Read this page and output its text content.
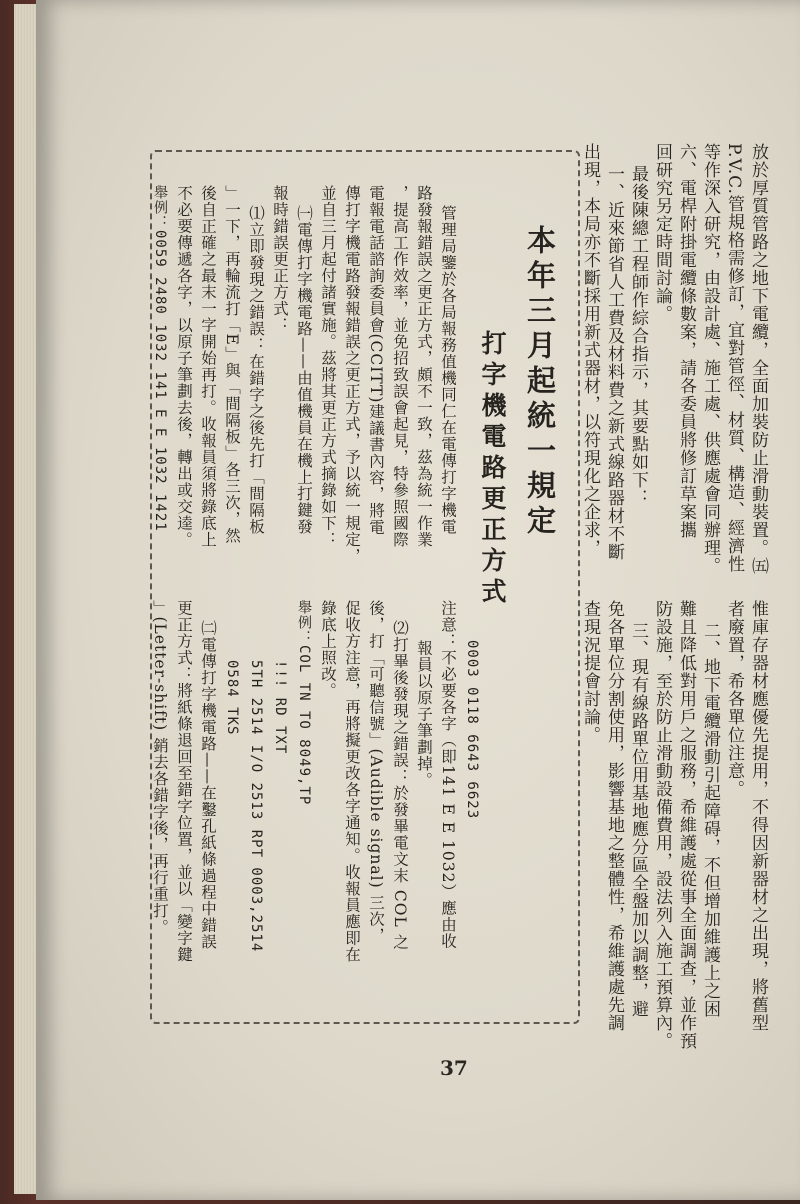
放於厚質管路之地下電纜，全面加裝防止滑動裝置。㈤
P.V.C.管規格需修訂，宜對管徑、材質、構造、經濟性
等作深入研究，由設計處、施工處、供應處會同辦理。
六、電桿附掛電纜條數案，請各委員將修訂草案攜
回研究另定時間討論。
最後陳總工程師作綜合指示，其要點如下：
一、近來節省人工費及材料費之新式線路器材不斷
出現，本局亦不斷採用新式器材，以符現化之企求，
惟庫存器材應優先提用，不得因新器材之出現，將舊型
者廢置，希各單位注意。
二、地下電纜滑動引起障碍，不但增加維護上之困
難且降低對用戶之服務，希維護處從事全面調查，並作預
防設施，至於防止滑動設備費用，設法列入施工預算內。
三、現有線路單位用基地應分區全盤加以調整，避
免各單位分割使用，影響基地之整體性，希維護處先調
查現況提會討論。
本年三月起統一規定
打字機電路更正方式
管理局鑒於各局報務值機同仁在電傳打字機電
路發報錯誤之更正方式，頗不一致，茲為統一作業
，提高工作效率，並免招致誤會起見，特參照國際
電報電話諮詢委員會(CCITT)建議書內容，將電
傳打字機電路發報錯誤之更正方式，予以統一規定，
並自三月起付諸實施。茲將其更正方式摘錄如下：
㈠電傳打字機電路——由值機員在機上打鍵發
報時錯誤更正方式：
⑴立即發現之錯誤：在錯字之後先打「間隔板
」一下，再輪流打「E」與「間隔板」各三次，然
後自正確之最末一字開始再打。收報員須將錄底上
不必要傳遞各字，以原子筆劃去後，轉出或交逵。
舉例：0059 2480 1032 141 E E 1032 1421
0003 0118 6643 6623
注意：不必要各字（即141 E E 1032）應由收
報員以原子筆劃掉。
⑵打畢後發現之錯誤：於發畢電文末 COL 之
後，打「可聽信號」(Audible signal) 三次，
促收方注意，再將擬更改各字通知。收報員應即在
錄底上照改。
舉例：COL TN TO 8049,TP
!!! RD TXT
5TH 2514 I/O 2513 RPT 0003,2514
0584 TKS
㈡電傳打字機電路——在鑿孔紙條過程中錯誤
更正方式：將紙條退回至錯字位置，並以「變字鍵
」(Letter-shift) 銷去各錯字後，再行重打。
37
